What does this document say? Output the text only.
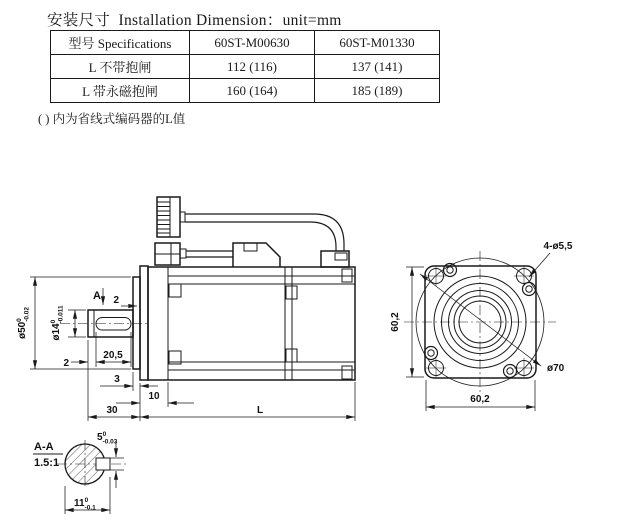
安装尺寸  Installation Dimension：unit=mm
型号 Specifications	60ST-M00630	60ST-M01330
L 不带抱闸	112 (116)	137 (141)
L 带永磁抱闸	160 (164)	185 (189)
( ) 内为省线式编码器的L值
$ø50^0-0.02$
$ø14^0-0.011$
A 2
2
20,5
3
10
30	L
A-A
1.5:1
$5^0$ -0.03
$11^0$ -0.1
4-ø5,5
ø70
60,2
60,2
